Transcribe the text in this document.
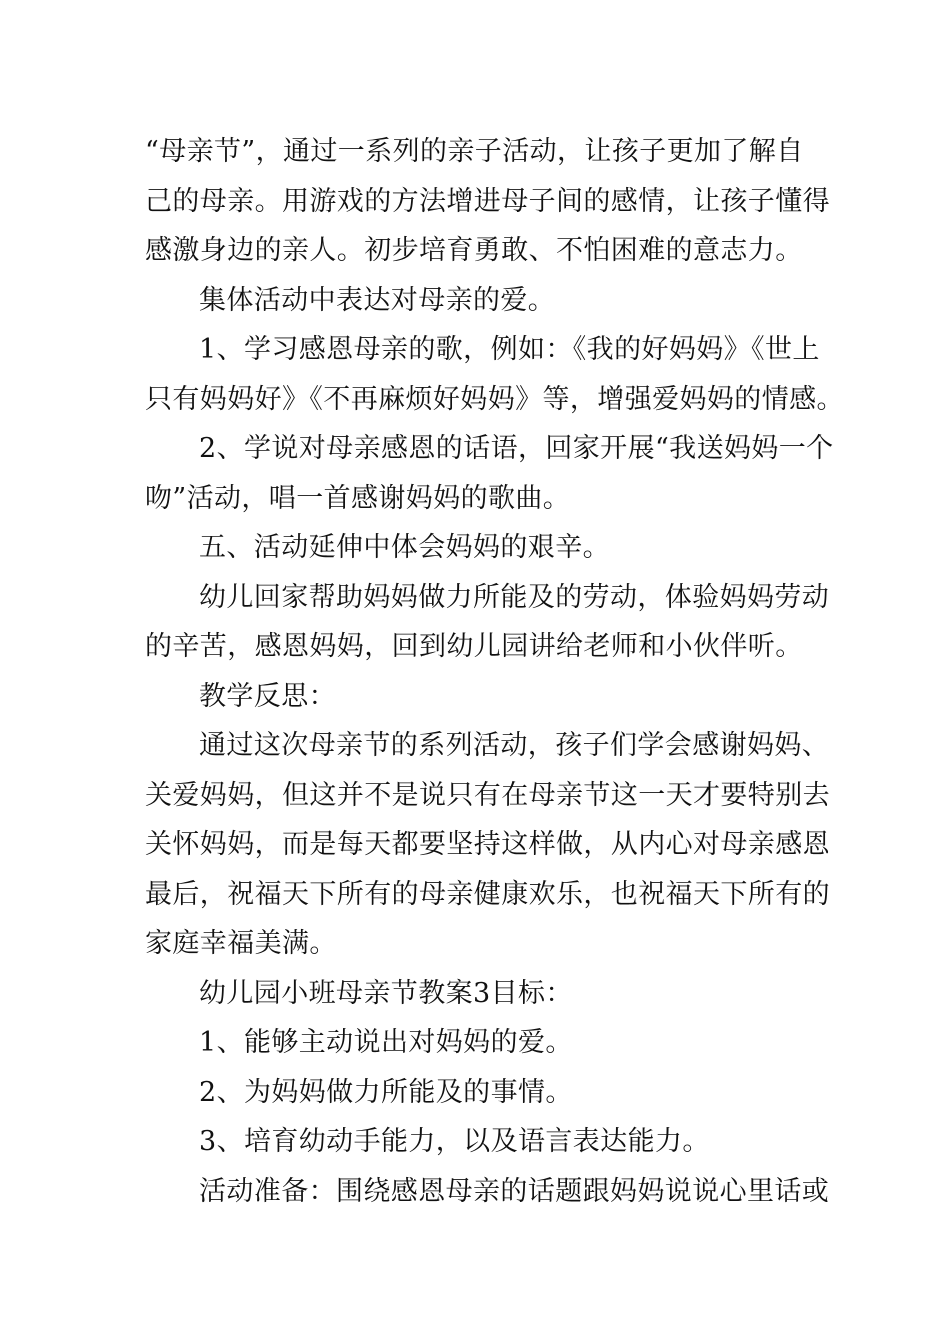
“母亲节”，通过一系列的亲子活动，让孩子更加了解自
己的母亲。用游戏的方法增进母子间的感情，让孩子懂得
感激身边的亲人。初步培育勇敢、不怕困难的意志力。
集体活动中表达对母亲的爱。
1、学习感恩母亲的歌，例如：《我的好妈妈》《世上
只有妈妈好》《不再麻烦好妈妈》等，增强爱妈妈的情感。
2、学说对母亲感恩的话语，回家开展“我送妈妈一个
吻”活动，唱一首感谢妈妈的歌曲。
五、活动延伸中体会妈妈的艰辛。
幼儿回家帮助妈妈做力所能及的劳动，体验妈妈劳动
的辛苦，感恩妈妈，回到幼儿园讲给老师和小伙伴听。
教学反思：
通过这次母亲节的系列活动，孩子们学会感谢妈妈、
关爱妈妈，但这并不是说只有在母亲节这一天才要特别去
关怀妈妈，而是每天都要坚持这样做，从内心对母亲感恩
最后，祝福天下所有的母亲健康欢乐，也祝福天下所有的
家庭幸福美满。
幼儿园小班母亲节教案3目标：
1、能够主动说出对妈妈的爱。
2、为妈妈做力所能及的事情。
3、培育幼动手能力，以及语言表达能力。
活动准备：围绕感恩母亲的话题跟妈妈说说心里话或
